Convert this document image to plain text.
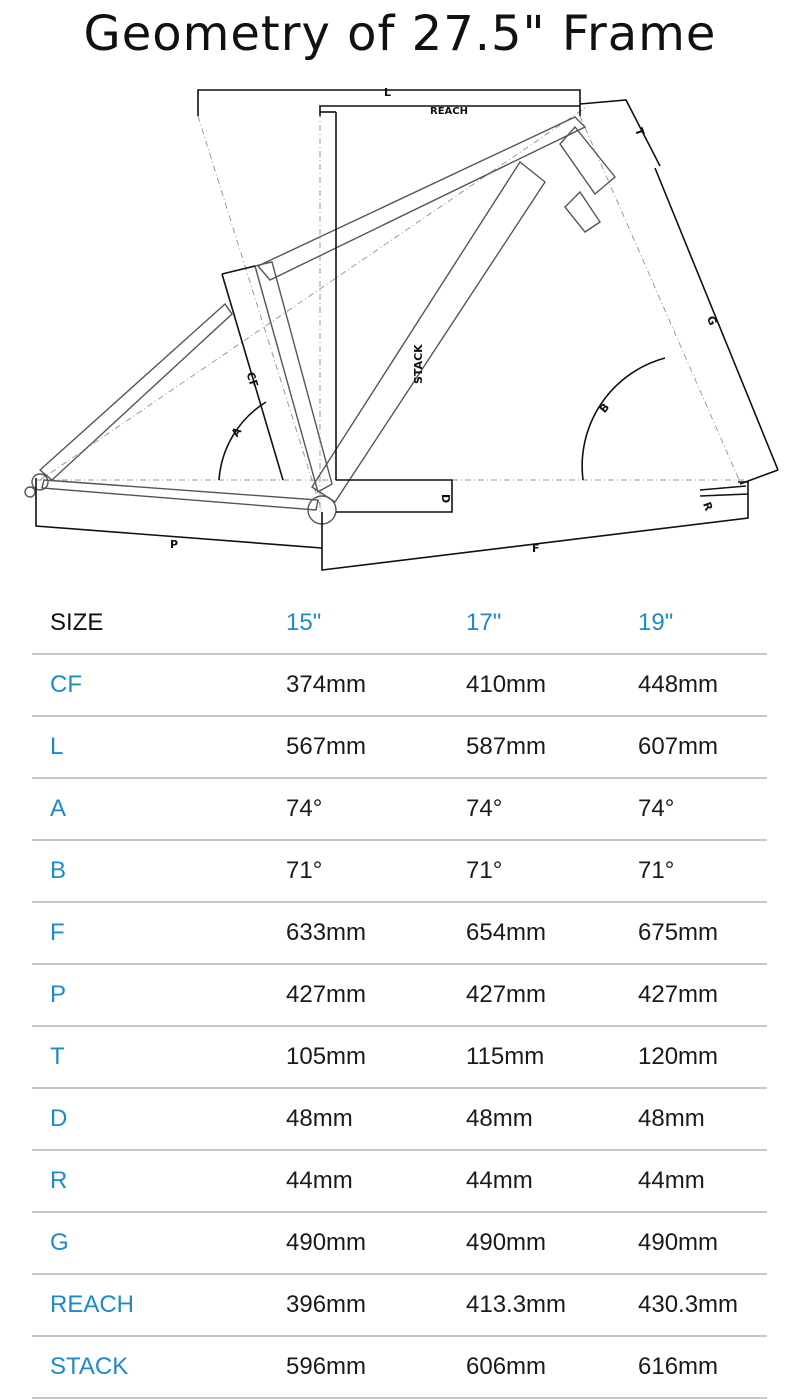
Geometry of 27.5" Frame
L
REACH
T
STACK
G
CF
A
B
D
R
P	F
SIZE	15"	17"	19"
CF	374mm	410mm	448mm
L	567mm	587mm	607mm
A	74°	74°	74°
B	71°	71°	71°
F	633mm	654mm	675mm
P	427mm	427mm	427mm
T	105mm	115mm	120mm
D	48mm	48mm	48mm
R	44mm	44mm	44mm
G	490mm	490mm	490mm
REACH	396mm	413.3mm	430.3mm
STACK	596mm	606mm	616mm
